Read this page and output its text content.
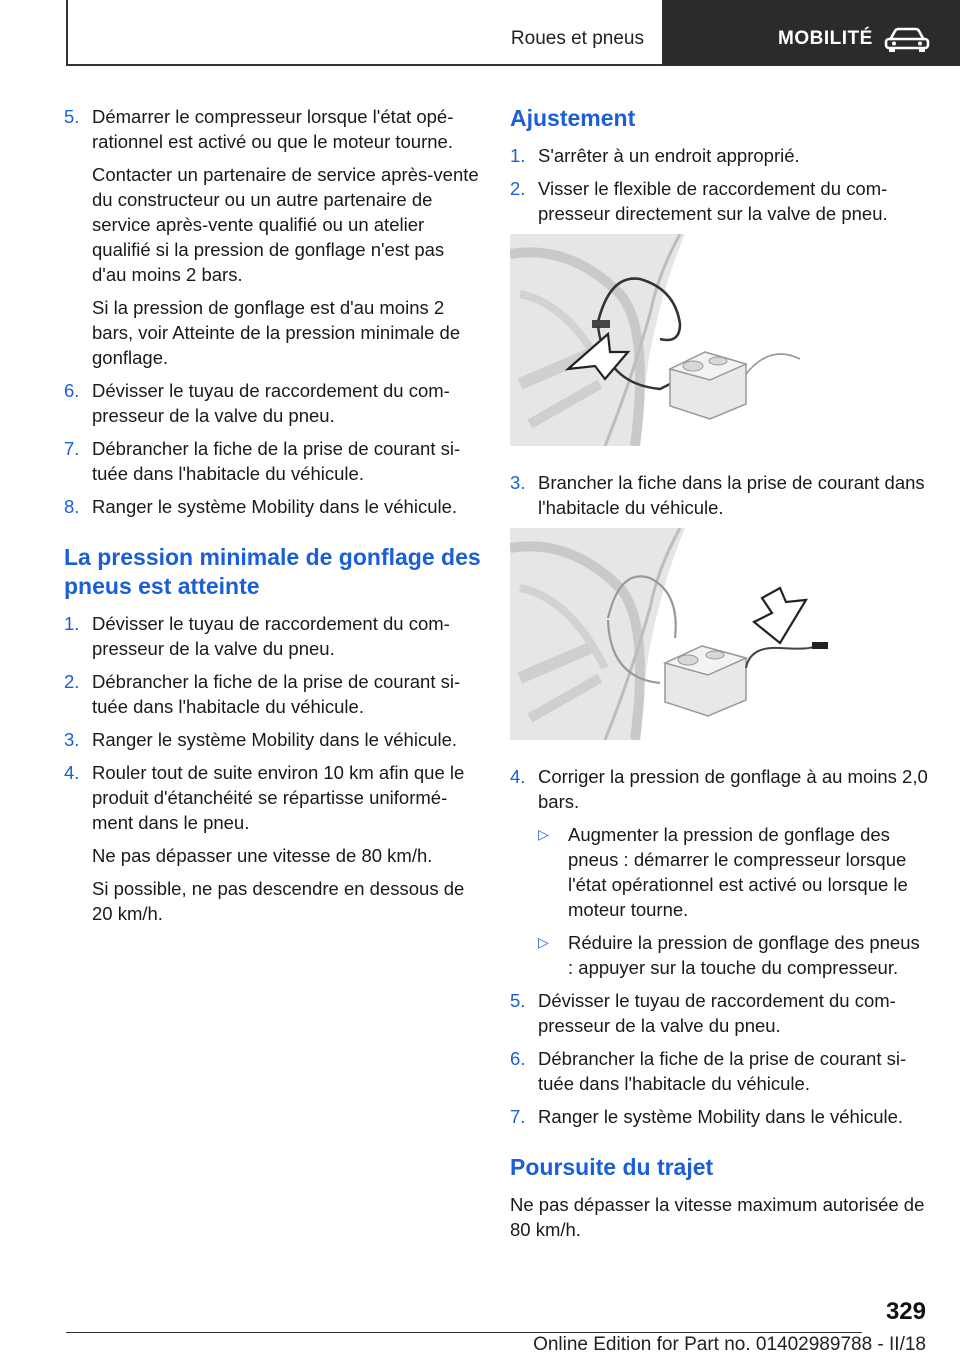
Roues et pneus	MOBILITÉ
5. Démarrer le compresseur lorsque l'état opérationnel est activé ou que le moteur tourne.

Contacter un partenaire de service après-vente du constructeur ou un autre partenaire de service après-vente qualifié ou un atelier qualifié si la pression de gonflage n'est pas d'au moins 2 bars.

Si la pression de gonflage est d'au moins 2 bars, voir Atteinte de la pression minimale de gonflage.

6. Dévisser le tuyau de raccordement du compresseur de la valve du pneu.
7. Débrancher la fiche de la prise de courant située dans l'habitacle du véhicule.
8. Ranger le système Mobility dans le véhicule.
La pression minimale de gonflage des pneus est atteinte
1. Dévisser le tuyau de raccordement du compresseur de la valve du pneu.
2. Débrancher la fiche de la prise de courant située dans l'habitacle du véhicule.
3. Ranger le système Mobility dans le véhicule.
4. Rouler tout de suite environ 10 km afin que le produit d'étanchéité se répartisse uniformément dans le pneu.

Ne pas dépasser une vitesse de 80 km/h.

Si possible, ne pas descendre en dessous de 20 km/h.

Ajustement
1. S'arrêter à un endroit approprié.
2. Visser le flexible de raccordement du compresseur directement sur la valve de pneu.
3. Brancher la fiche dans la prise de courant dans l'habitacle du véhicule.
4. Corriger la pression de gonflage à au moins 2,0 bars.
▷	Augmenter la pression de gonflage des pneus : démarrer le compresseur lorsque l'état opérationnel est activé ou lorsque le moteur tourne.
▷	Réduire la pression de gonflage des pneus : appuyer sur la touche du compresseur.
5. Dévisser le tuyau de raccordement du compresseur de la valve du pneu.
6. Débrancher la fiche de la prise de courant située dans l'habitacle du véhicule.
7. Ranger le système Mobility dans le véhicule.
Poursuite du trajet

Ne pas dépasser la vitesse maximum autorisée de 80 km/h.

329
Online Edition for Part no. 01402989788 - II/18
